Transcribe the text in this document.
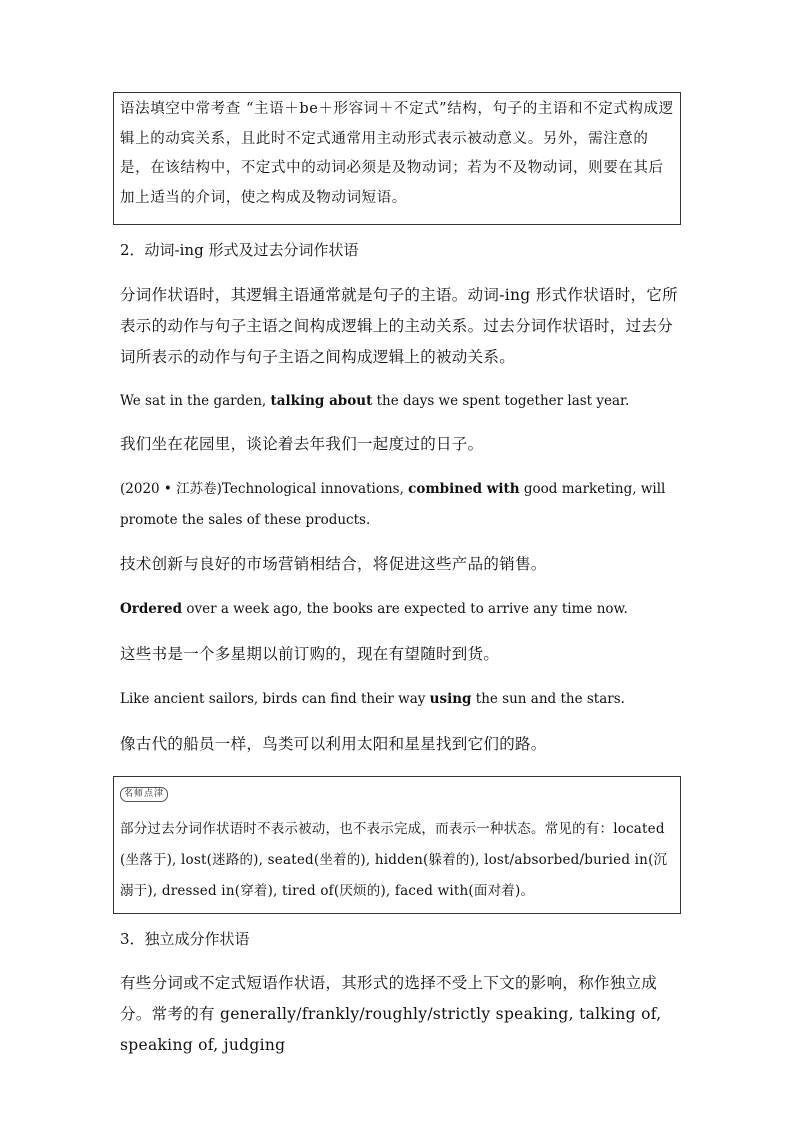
语法填空中常考查 “主语＋be＋形容词＋不定式”结构，句子的主语和不定式构成逻辑上的动宾关系，且此时不定式通常用主动形式表示被动意义。另外，需注意的是，在该结构中，不定式中的动词必须是及物动词；若为不及物动词，则要在其后加上适当的介词，使之构成及物动词短语。

2．动词-ing 形式及过去分词作状语

分词作状语时，其逻辑主语通常就是句子的主语。动词-ing 形式作状语时，它所表示的动作与句子主语之间构成逻辑上的主动关系。过去分词作状语时，过去分词所表示的动作与句子主语之间构成逻辑上的被动关系。

We sat in the garden, talking about the days we spent together last year.

我们坐在花园里，谈论着去年我们一起度过的日子。

(2020 • 江苏卷)Technological innovations, combined with good marketing, will promote the sales of these products.

技术创新与良好的市场营销相结合，将促进这些产品的销售。

Ordered over a week ago, the books are expected to arrive any time now.

这些书是一个多星期以前订购的，现在有望随时到货。

Like ancient sailors, birds can find their way using the sun and the stars.

像古代的船员一样，鸟类可以利用太阳和星星找到它们的路。

名师点津

部分过去分词作状语时不表示被动，也不表示完成，而表示一种状态。常见的有：located (坐落于), lost(迷路的), seated(坐着的), hidden(躲着的), lost/absorbed/buried in(沉溺于), dressed in(穿着), tired of(厌烦的), faced with(面对着)。

3．独立成分作状语

有些分词或不定式短语作状语，其形式的选择不受上下文的影响，称作独立成分。常考的有 generally/frankly/roughly/strictly speaking, talking of, speaking of, judging
